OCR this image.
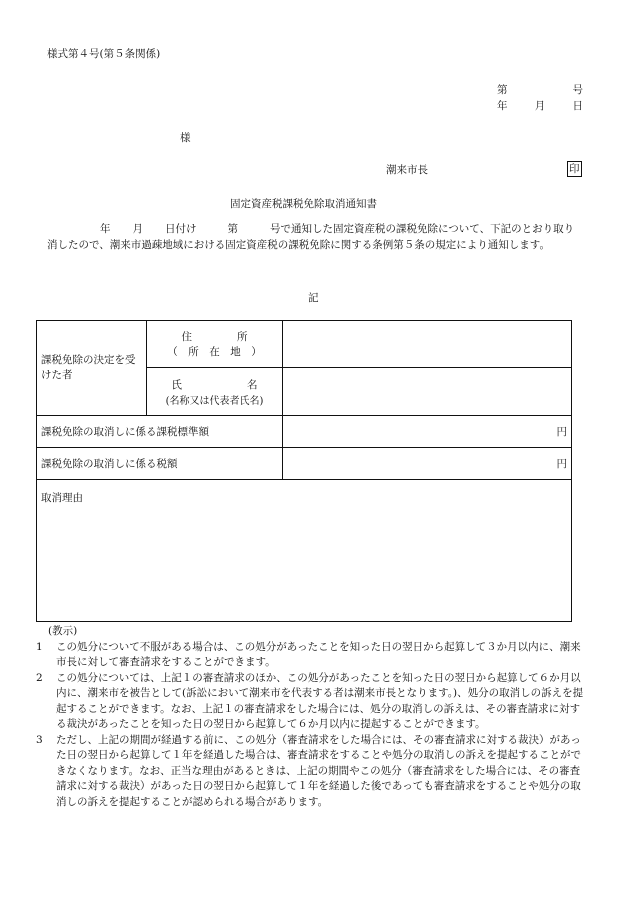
様式第４号(第５条関係)
第	号
年	月	日
様
潮来市長	印
固定資産税課税免除取消通知書
年 月 日付け	第	号で通知した固定資産税の課税免除について、下記のとおり取り消したので、潮来市過疎地域における固定資産税の課税免除に関する条例第５条の規定により通知します。
記
課税免除の決定を受けた者	住 所
（　所　在　地　）	

	氏 名
(名称又は代表者氏名)	

課税免除の取消しに係る課税標準額		円
課税免除の取消しに係る税額		円
取消理由		
(教示)
1	この処分について不服がある場合は、この処分があったことを知った日の翌日から起算して３か月以内に、潮来市長に対して審査請求をすることができます。
2	この処分については、上記１の審査請求のほか、この処分があったことを知った日の翌日から起算して６か月以内に、潮来市を被告として(訴訟において潮来市を代表する者は潮来市長となります。)、処分の取消しの訴えを提起することができます。なお、上記１の審査請求をした場合には、処分の取消しの訴えは、その審査請求に対する裁決があったことを知った日の翌日から起算して６か月以内に提起することができます。
3	ただし、上記の期間が経過する前に、この処分（審査請求をした場合には、その審査請求に対する裁決）があった日の翌日から起算して１年を経過した場合は、審査請求をすることや処分の取消しの訴えを提起することができなくなります。なお、正当な理由があるときは、上記の期間やこの処分（審査請求をした場合には、その審査請求に対する裁決）があった日の翌日から起算して１年を経過した後であっても審査請求をすることや処分の取消しの訴えを提起することが認められる場合があります。
